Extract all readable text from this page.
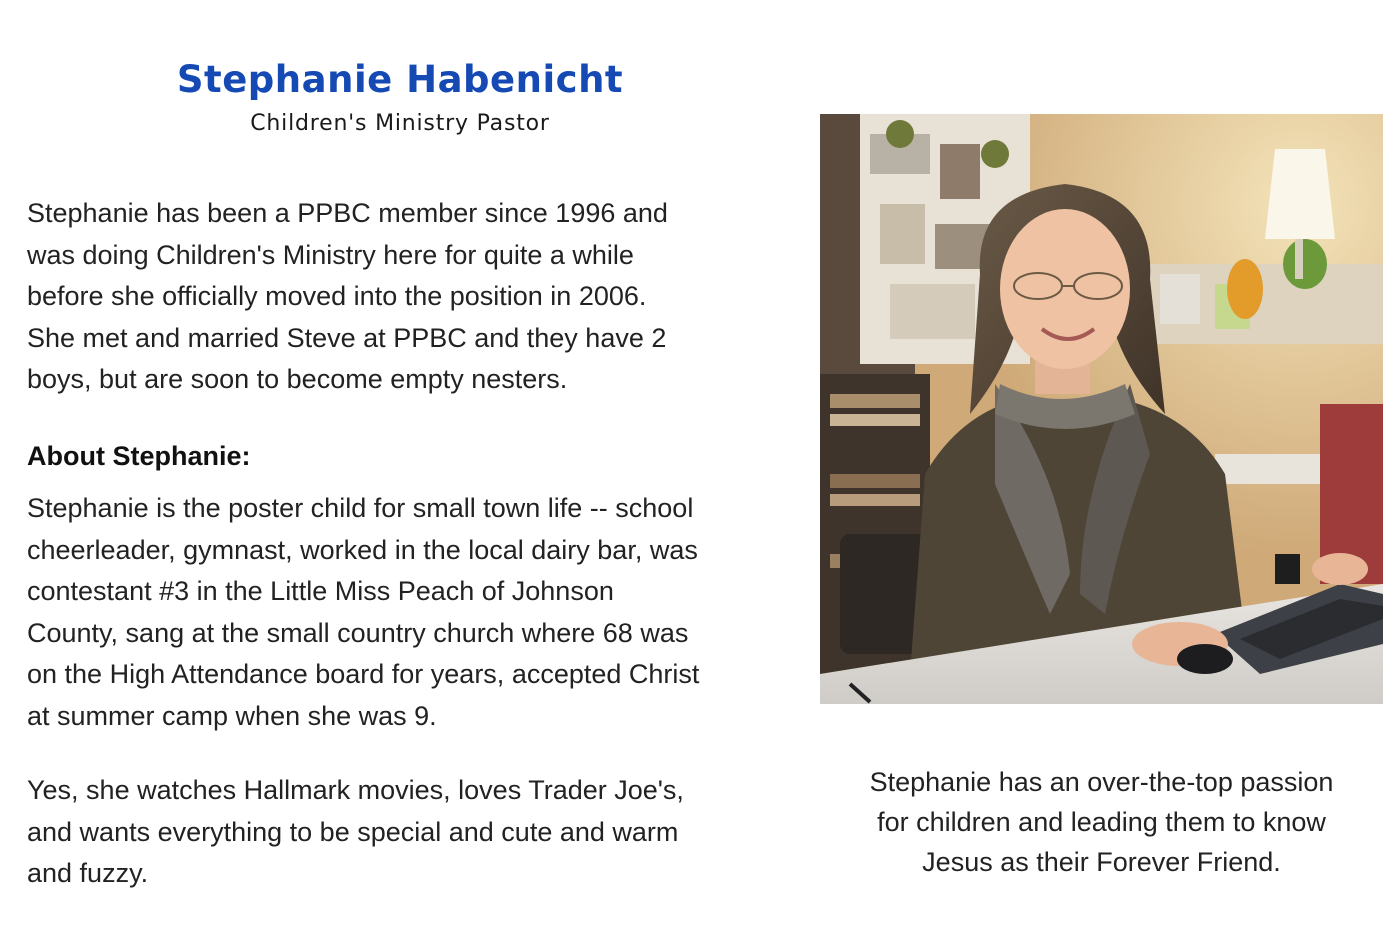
Stephanie Habenicht

Children's Ministry Pastor

Stephanie has been a PPBC member since 1996 and
was doing Children's Ministry here for quite a while
before she officially moved into the position in 2006.
She met and married Steve at PPBC and they have 2
boys, but are soon to become empty nesters.

About Stephanie:

Stephanie is the poster child for small town life -- school
cheerleader, gymnast, worked in the local dairy bar, was
contestant #3 in the Little Miss Peach of Johnson
County, sang at the small country church where 68 was
on the High Attendance board for years, accepted Christ
at summer camp when she was 9.

Yes, she watches Hallmark movies, loves Trader Joe's,
and wants everything to be special and cute and warm
and fuzzy.

Stephanie has an over-the-top passion
for children and leading them to know
Jesus as their Forever Friend.
